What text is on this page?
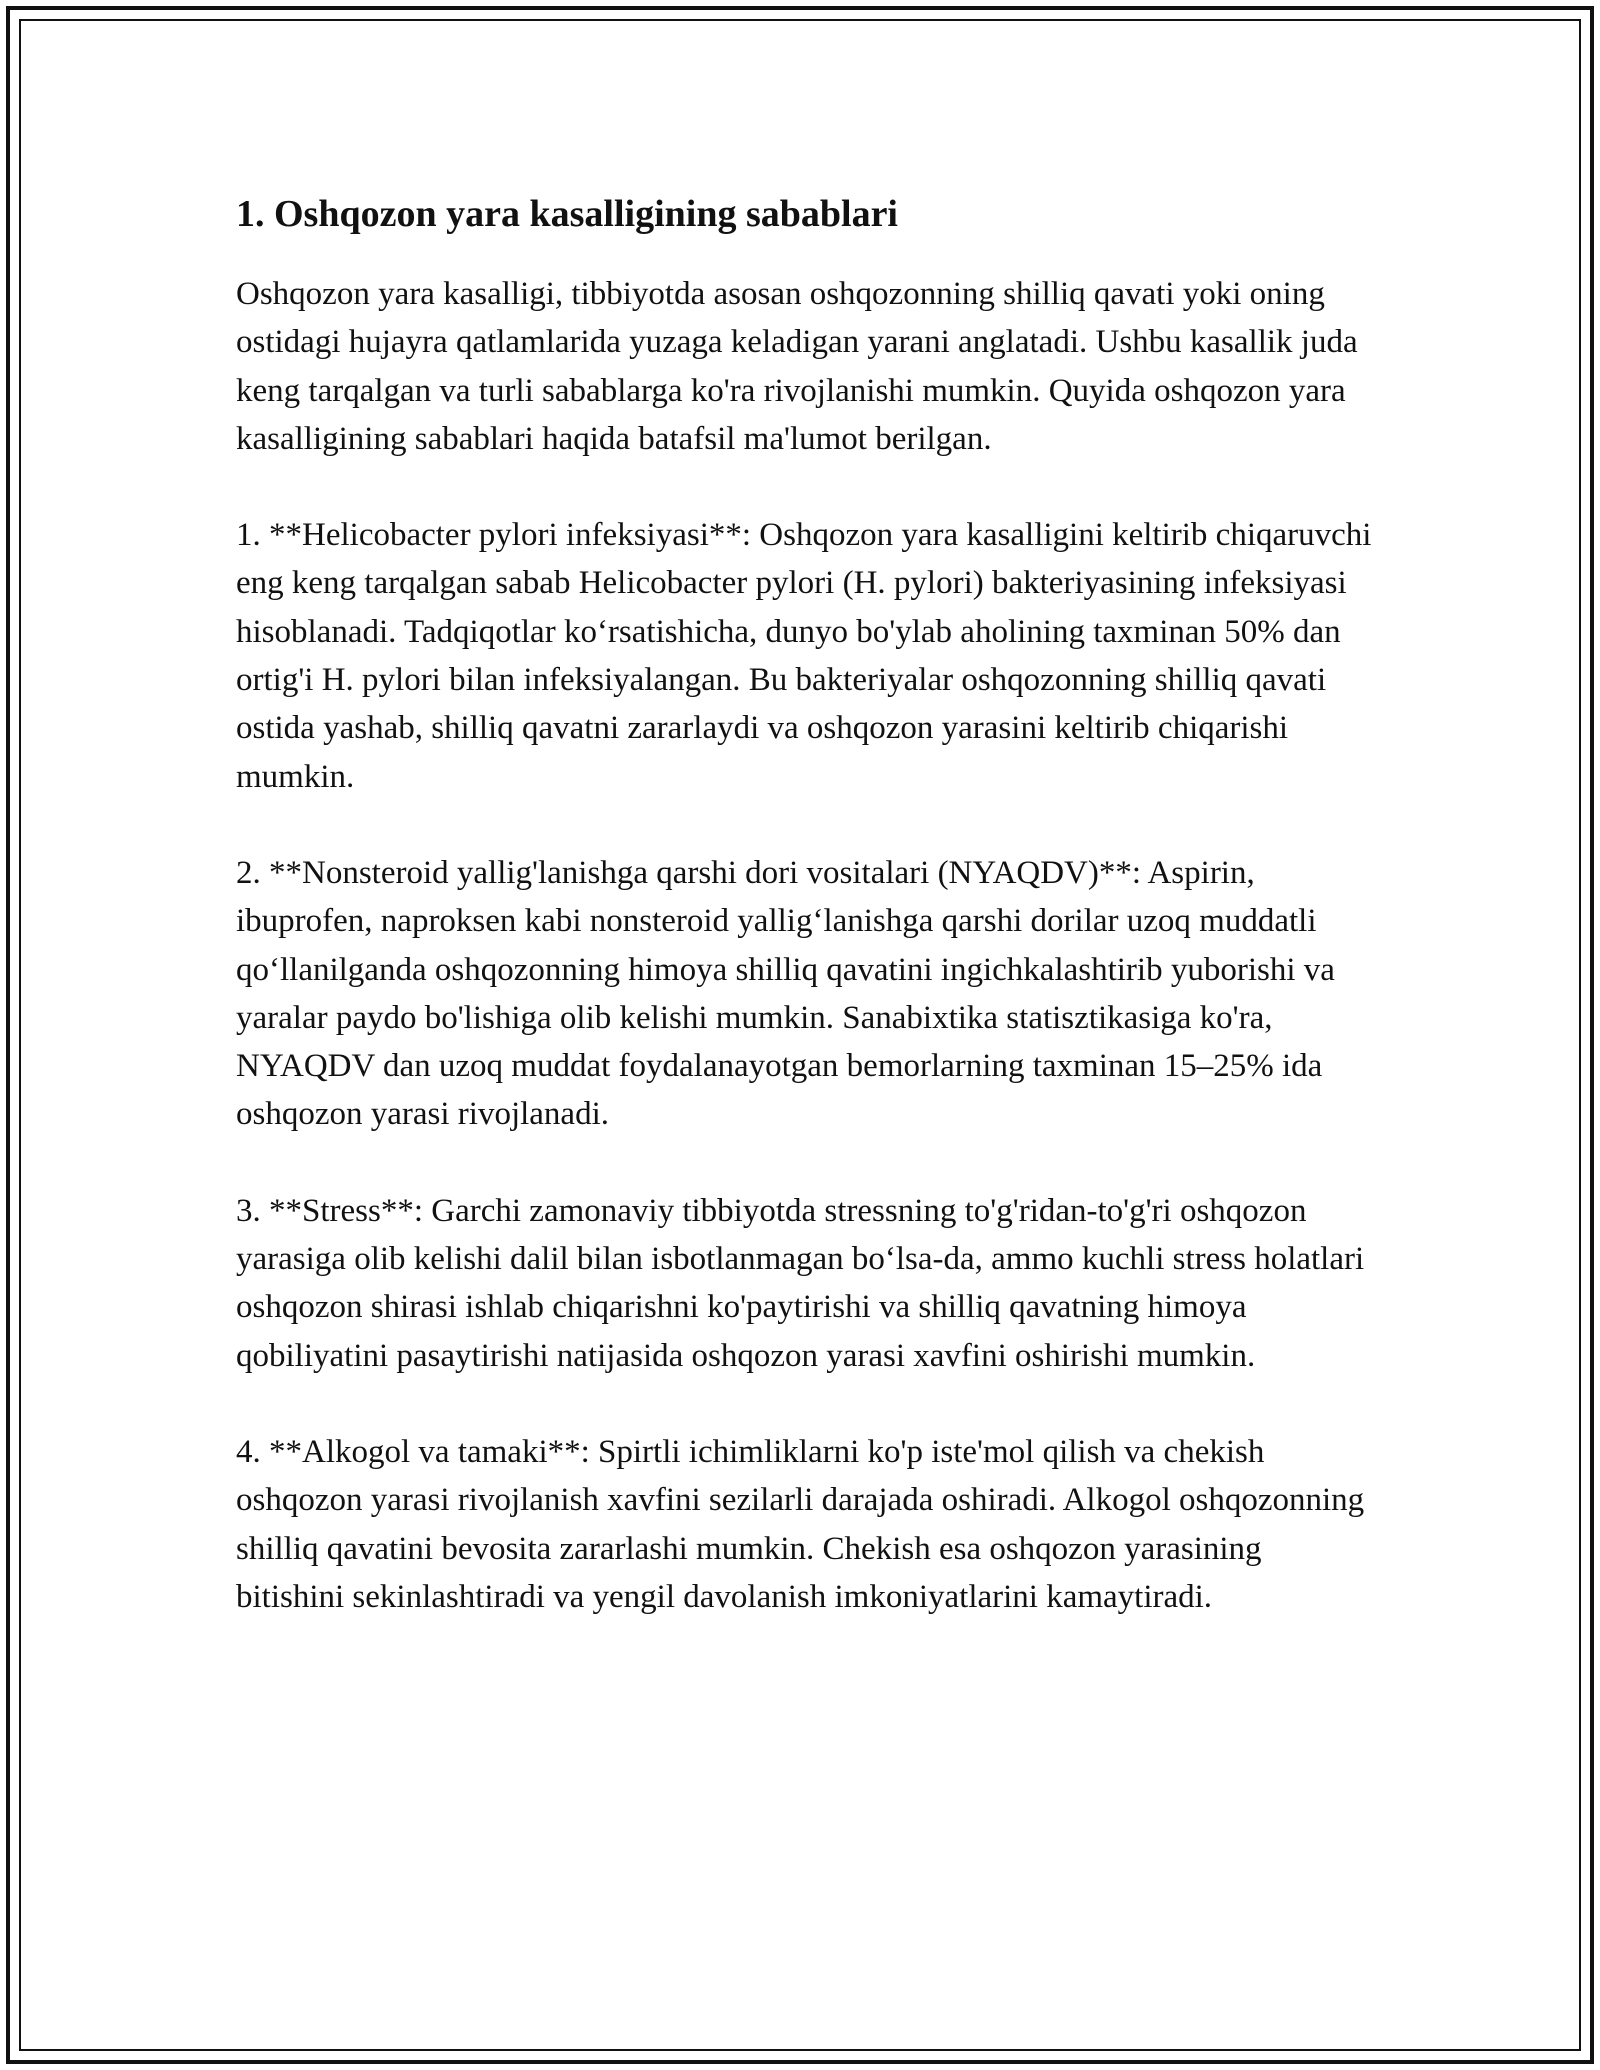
1. Oshqozon yara kasalligining sabablari

Oshqozon yara kasalligi, tibbiyotda asosan oshqozonning shilliq qavati yoki oning ostidagi hujayra qatlamlarida yuzaga keladigan yarani anglatadi. Ushbu kasallik juda keng tarqalgan va turli sabablarga ko'ra rivojlanishi mumkin. Quyida oshqozon yara kasalligining sabablari haqida batafsil ma'lumot berilgan.

1. **Helicobacter pylori infeksiyasi**: Oshqozon yara kasalligini keltirib chiqaruvchi eng keng tarqalgan sabab Helicobacter pylori (H. pylori) bakteriyasining infeksiyasi hisoblanadi. Tadqiqotlar ko‘rsatishicha, dunyo bo'ylab aholining taxminan 50% dan ortig'i H. pylori bilan infeksiyalangan. Bu bakteriyalar oshqozonning shilliq qavati ostida yashab, shilliq qavatni zararlaydi va oshqozon yarasini keltirib chiqarishi mumkin.

2. **Nonsteroid yallig'lanishga qarshi dori vositalari (NYAQDV)**: Aspirin, ibuprofen, naproksen kabi nonsteroid yallig‘lanishga qarshi dorilar uzoq muddatli qo‘llanilganda oshqozonning himoya shilliq qavatini ingichkalashtirib yuborishi va yaralar paydo bo'lishiga olib kelishi mumkin. Sanabixtika statisztikasiga ko'ra, NYAQDV dan uzoq muddat foydalanayotgan bemorlarning taxminan 15–25% ida oshqozon yarasi rivojlanadi.

3. **Stress**: Garchi zamonaviy tibbiyotda stressning to'g'ridan-to'g'ri oshqozon yarasiga olib kelishi dalil bilan isbotlanmagan bo‘lsa-da, ammo kuchli stress holatlari oshqozon shirasi ishlab chiqarishni ko'paytirishi va shilliq qavatning himoya qobiliyatini pasaytirishi natijasida oshqozon yarasi xavfini oshirishi mumkin.

4. **Alkogol va tamaki**: Spirtli ichimliklarni ko'p iste'mol qilish va chekish oshqozon yarasi rivojlanish xavfini sezilarli darajada oshiradi. Alkogol oshqozonning shilliq qavatini bevosita zararlashi mumkin. Chekish esa oshqozon yarasining bitishini sekinlashtiradi va yengil davolanish imkoniyatlarini kamaytiradi.
